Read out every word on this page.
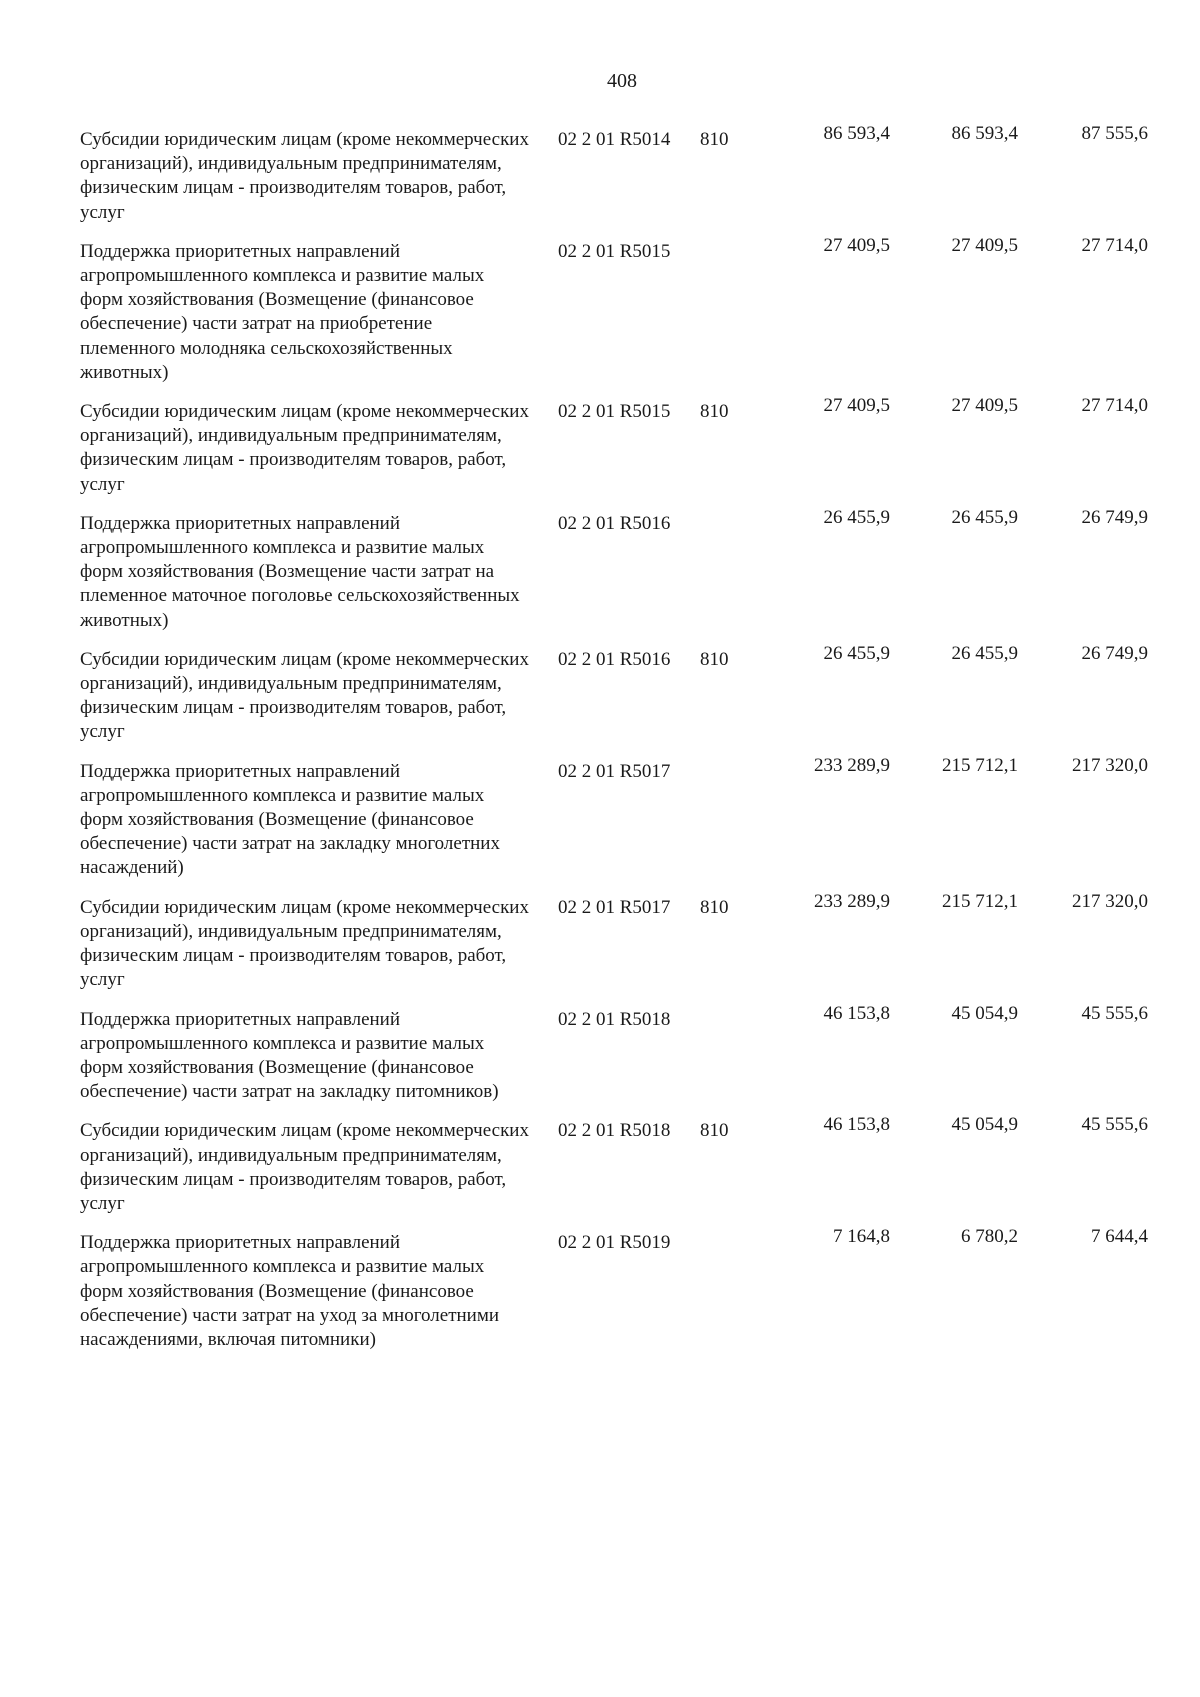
408
Субсидии юридическим лицам (кроме некоммерческих организаций), индивидуальным предпринимателям, физическим лицам - производителям товаров, работ, услуг
02 2 01 R5014 810	86 593,4	86 593,4	87 555,6
Поддержка приоритетных направлений агропромышленного комплекса и развитие малых форм хозяйствования (Возмещение (финансовое обеспечение) части затрат на приобретение племенного молодняка сельскохозяйственных животных)
02 2 01 R5015	27 409,5	27 409,5	27 714,0
Субсидии юридическим лицам (кроме некоммерческих организаций), индивидуальным предпринимателям, физическим лицам - производителям товаров, работ, услуг
02 2 01 R5015 810	27 409,5	27 409,5	27 714,0
Поддержка приоритетных направлений агропромышленного комплекса и развитие малых форм хозяйствования (Возмещение части затрат на племенное маточное поголовье сельскохозяйственных животных)
02 2 01 R5016	26 455,9	26 455,9	26 749,9
Субсидии юридическим лицам (кроме некоммерческих организаций), индивидуальным предпринимателям, физическим лицам - производителям товаров, работ, услуг
02 2 01 R5016 810	26 455,9	26 455,9	26 749,9
Поддержка приоритетных направлений агропромышленного комплекса и развитие малых форм хозяйствования (Возмещение (финансовое обеспечение) части затрат на закладку многолетних насаждений)
02 2 01 R5017	233 289,9	215 712,1	217 320,0
Субсидии юридическим лицам (кроме некоммерческих организаций), индивидуальным предпринимателям, физическим лицам - производителям товаров, работ, услуг
02 2 01 R5017 810	233 289,9	215 712,1	217 320,0
Поддержка приоритетных направлений агропромышленного комплекса и развитие малых форм хозяйствования (Возмещение (финансовое обеспечение) части затрат на закладку питомников)
02 2 01 R5018	46 153,8	45 054,9	45 555,6
Субсидии юридическим лицам (кроме некоммерческих организаций), индивидуальным предпринимателям, физическим лицам - производителям товаров, работ, услуг
02 2 01 R5018 810	46 153,8	45 054,9	45 555,6
Поддержка приоритетных направлений агропромышленного комплекса и развитие малых форм хозяйствования (Возмещение (финансовое обеспечение) части затрат на уход за многолетними насаждениями, включая питомники)
02 2 01 R5019	7 164,8	6 780,2	7 644,4
